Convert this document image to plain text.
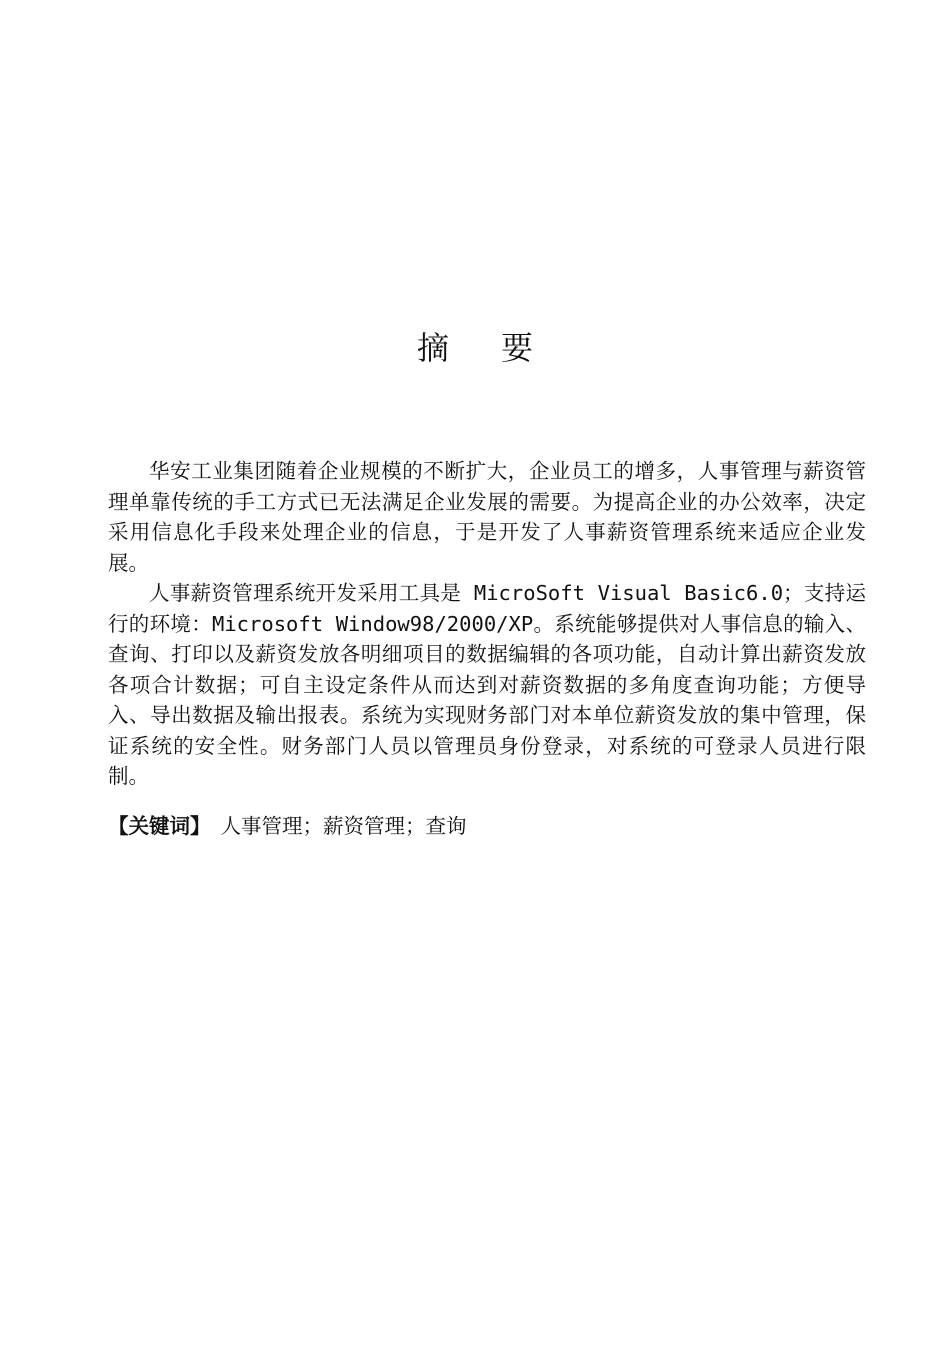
摘 要

华安工业集团随着企业规模的不断扩大，企业员工的增多，人事管理与薪资管理单靠传统的手工方式已无法满足企业发展的需要。为提高企业的办公效率，决定采用信息化手段来处理企业的信息，于是开发了人事薪资管理系统来适应企业发展。

人事薪资管理系统开发采用工具是 MicroSoft Visual Basic6.0；支持运行的环境：Microsoft Window98/2000/XP。系统能够提供对人事信息的输入、查询、打印以及薪资发放各明细项目的数据编辑的各项功能，自动计算出薪资发放各项合计数据；可自主设定条件从而达到对薪资数据的多角度查询功能；方便导入、导出数据及输出报表。系统为实现财务部门对本单位薪资发放的集中管理，保证系统的安全性。财务部门人员以管理员身份登录，对系统的可登录人员进行限制。

【关键词】 人事管理；薪资管理；查询
